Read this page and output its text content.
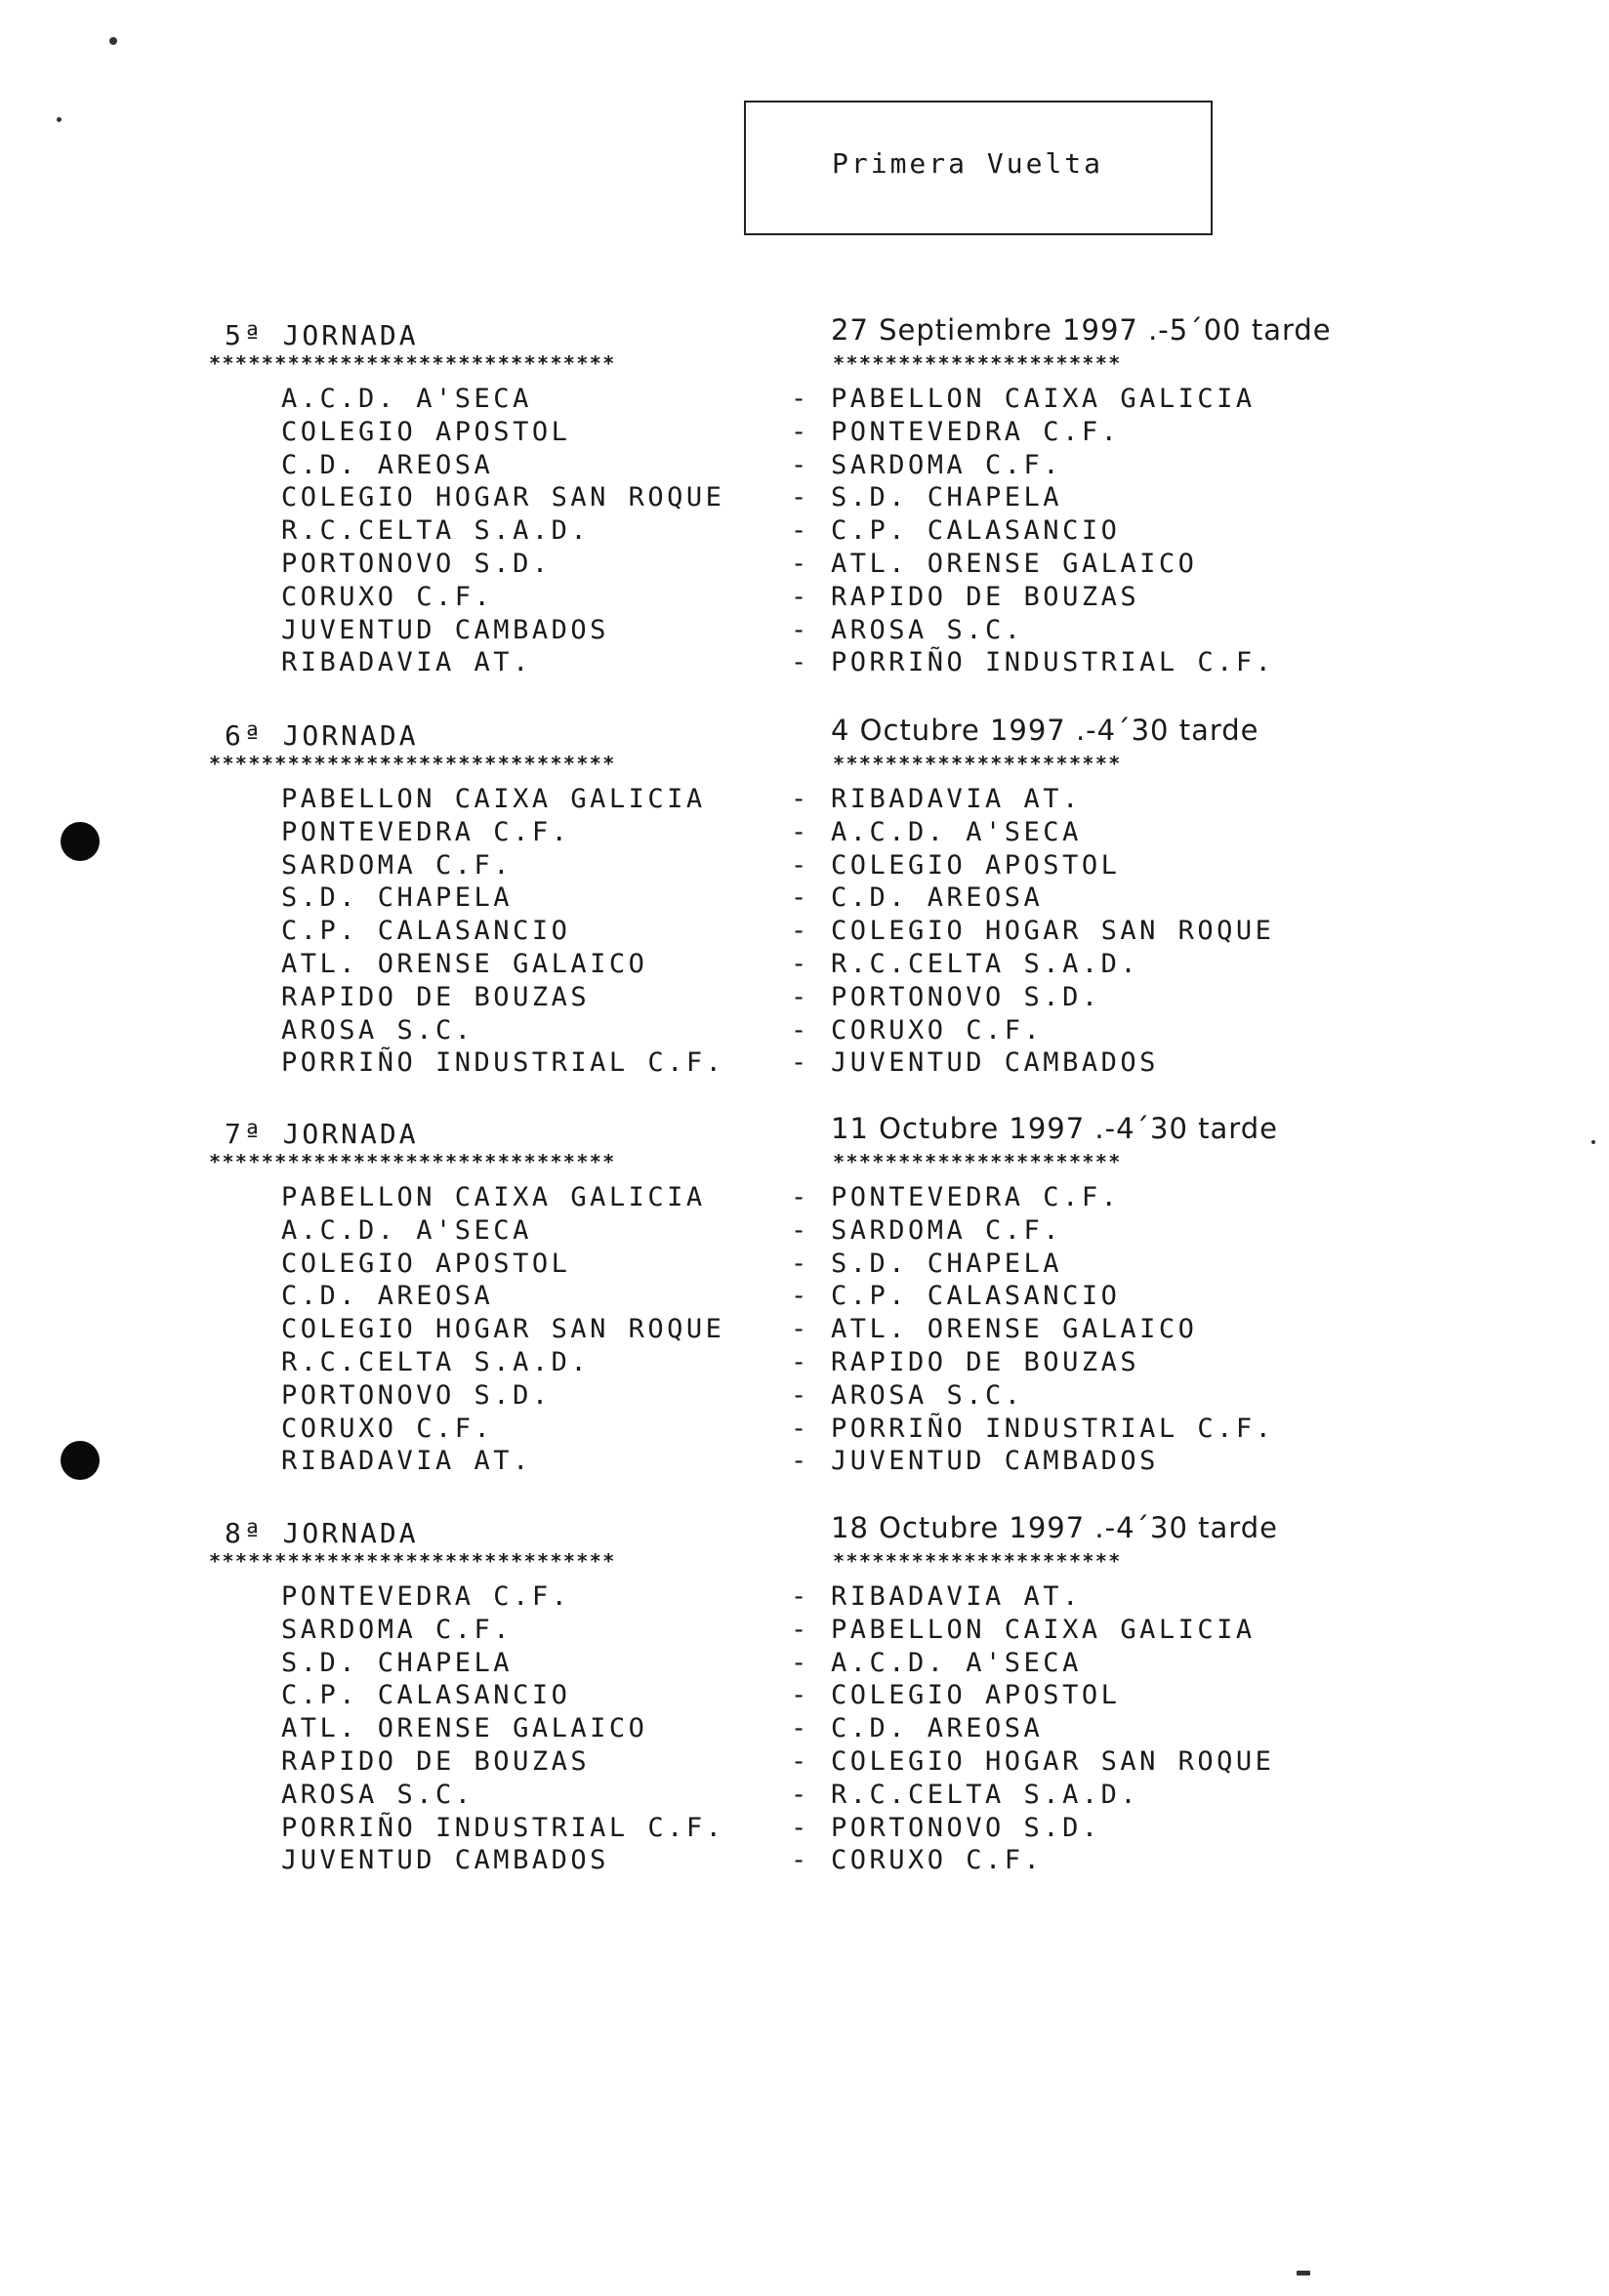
Primera Vuelta
5ª JORNADA	27 Septiembre 1997 .-5´00 tarde
*******************************	**********************
A.C.D. A'SECA	- PABELLON CAIXA GALICIA
COLEGIO APOSTOL	- PONTEVEDRA C.F.
C.D. AREOSA	- SARDOMA C.F.
COLEGIO HOGAR SAN ROQUE	- S.D. CHAPELA
R.C.CELTA S.A.D.	- C.P. CALASANCIO
PORTONOVO S.D.	- ATL. ORENSE GALAICO
CORUXO C.F.	- RAPIDO DE BOUZAS
JUVENTUD CAMBADOS	- AROSA S.C.
RIBADAVIA AT.	- PORRIÑO INDUSTRIAL C.F.
6ª JORNADA	4 Octubre 1997 .-4´30 tarde
*******************************	**********************
PABELLON CAIXA GALICIA	- RIBADAVIA AT.
PONTEVEDRA C.F.	- A.C.D. A'SECA
SARDOMA C.F.	- COLEGIO APOSTOL
S.D. CHAPELA	- C.D. AREOSA
C.P. CALASANCIO	- COLEGIO HOGAR SAN ROQUE
ATL. ORENSE GALAICO	- R.C.CELTA S.A.D.
RAPIDO DE BOUZAS	- PORTONOVO S.D.
AROSA S.C.	- CORUXO C.F.
PORRIÑO INDUSTRIAL C.F.	- JUVENTUD CAMBADOS
7ª JORNADA	11 Octubre 1997 .-4´30 tarde
*******************************	**********************
PABELLON CAIXA GALICIA	- PONTEVEDRA C.F.
A.C.D. A'SECA	- SARDOMA C.F.
COLEGIO APOSTOL	- S.D. CHAPELA
C.D. AREOSA	- C.P. CALASANCIO
COLEGIO HOGAR SAN ROQUE	- ATL. ORENSE GALAICO
R.C.CELTA S.A.D.	- RAPIDO DE BOUZAS
PORTONOVO S.D.	- AROSA S.C.
CORUXO C.F.	- PORRIÑO INDUSTRIAL C.F.
RIBADAVIA AT.	- JUVENTUD CAMBADOS
8ª JORNADA	18 Octubre 1997 .-4´30 tarde
*******************************	**********************
PONTEVEDRA C.F.	- RIBADAVIA AT.
SARDOMA C.F.	- PABELLON CAIXA GALICIA
S.D. CHAPELA	- A.C.D. A'SECA
C.P. CALASANCIO	- COLEGIO APOSTOL
ATL. ORENSE GALAICO	- C.D. AREOSA
RAPIDO DE BOUZAS	- COLEGIO HOGAR SAN ROQUE
AROSA S.C.	- R.C.CELTA S.A.D.
PORRIÑO INDUSTRIAL C.F.	- PORTONOVO S.D.
JUVENTUD CAMBADOS	- CORUXO C.F.
